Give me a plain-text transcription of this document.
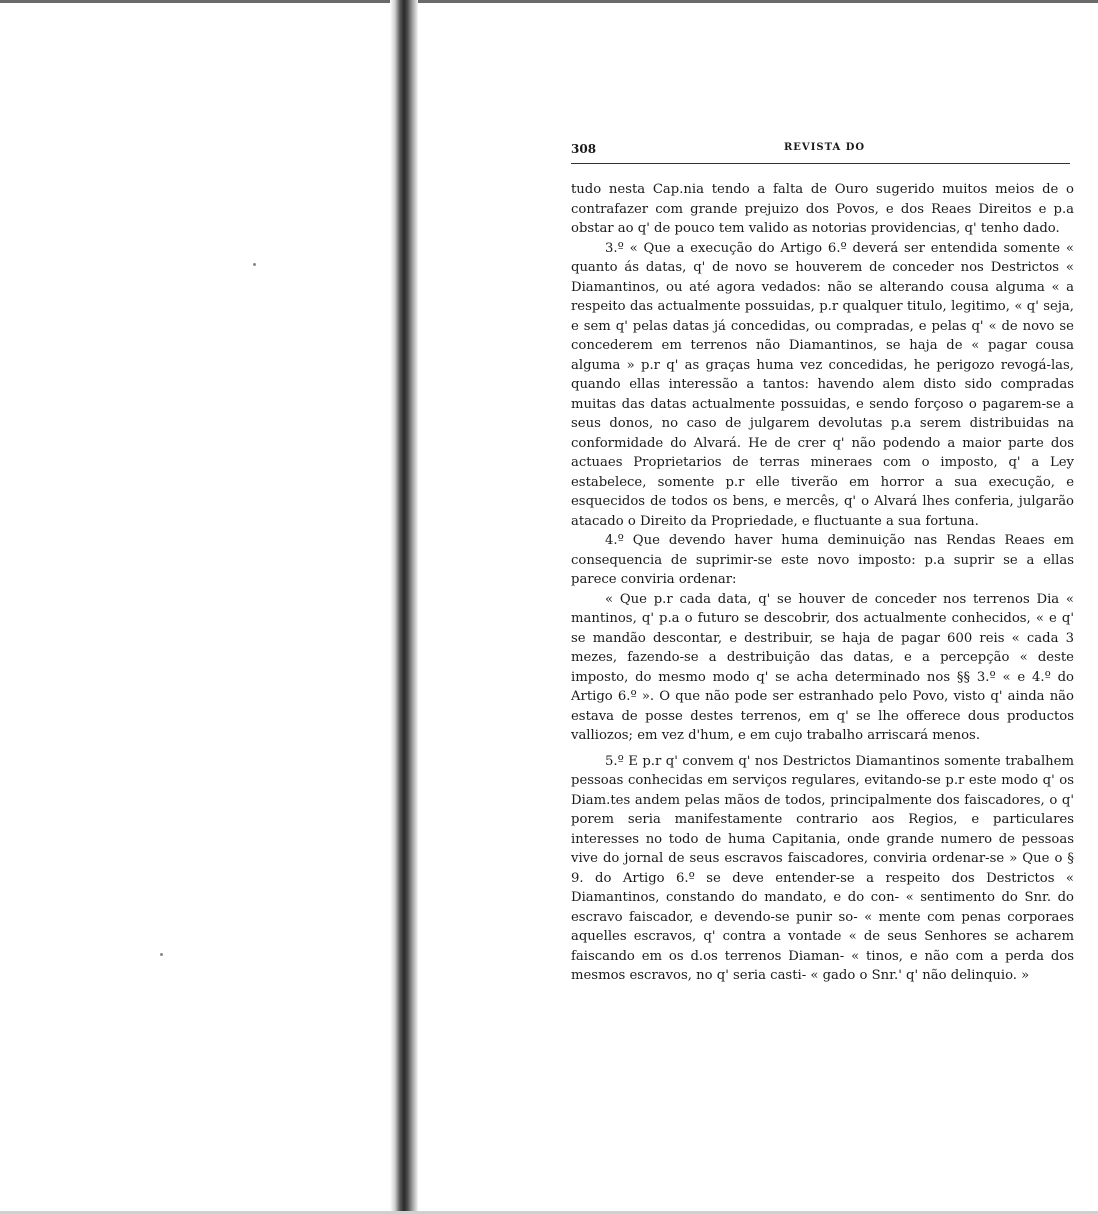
308	REVISTA DO

tudo nesta Cap.nia tendo a falta de Ouro sugerido muitos meios de o contrafazer com grande prejuizo dos Povos, e dos Reaes Direitos e p.a obstar ao q' de pouco tem valido as notorias providencias, q' tenho dado.

3.º « Que a execução do Artigo 6.º deverá ser entendida somente « quanto ás datas, q' de novo se houverem de conceder nos Destrictos « Diamantinos, ou até agora vedados: não se alterando cousa alguma « a respeito das actualmente possuidas, p.r qualquer titulo, legitimo, « q' seja, e sem q' pelas datas já concedidas, ou compradas, e pelas q' « de novo se concederem em terrenos não Diamantinos, se haja de « pagar cousa alguma » p.r q' as graças huma vez concedidas, he perigozo revogá-las, quando ellas interessão a tantos: havendo alem disto sido compradas muitas das datas actualmente possuidas, e sendo forçoso o pagarem-se a seus donos, no caso de julgarem devolutas p.a serem distribuidas na conformidade do Alvará. He de crer q' não podendo a maior parte dos actuaes Proprietarios de terras mineraes com o imposto, q' a Ley estabelece, somente p.r elle tiverão em horror a sua execução, e esquecidos de todos os bens, e mercês, q' o Alvará lhes conferia, julgarão atacado o Direito da Propriedade, e fluctuante a sua fortuna.

4.º Que devendo haver huma deminuição nas Rendas Reaes em consequencia de suprimir-se este novo imposto: p.a suprir se a ellas parece conviria ordenar:

« Que p.r cada data, q' se houver de conceder nos terrenos Dia « mantinos, q' p.a o futuro se descobrir, dos actualmente conhecidos, « e q' se mandão descontar, e destribuir, se haja de pagar 600 reis « cada 3 mezes, fazendo-se a destribuição das datas, e a percepção « deste imposto, do mesmo modo q' se acha determinado nos §§ 3.º « e 4.º do Artigo 6.º ». O que não pode ser estranhado pelo Povo, visto q' ainda não estava de posse destes terrenos, em q' se lhe offerece dous productos valliozos; em vez d'hum, e em cujo trabalho arriscará menos.

5.º E p.r q' convem q' nos Destrictos Diamantinos somente trabalhem pessoas conhecidas em serviços regulares, evitando-se p.r este modo q' os Diam.tes andem pelas mãos de todos, principalmente dos faiscadores, o q' porem seria manifestamente contrario aos Regios, e particulares interesses no todo de huma Capitania, onde grande numero de pessoas vive do jornal de seus escravos faiscadores, conviria ordenar-se » Que o § 9. do Artigo 6.º se deve entender-se a respeito dos Destrictos « Diamantinos, constando do mandato, e do con- « sentimento do Snr. do escravo faiscador, e devendo-se punir so- « mente com penas corporaes aquelles escravos, q' contra a vontade « de seus Senhores se acharem faiscando em os d.os terrenos Diaman- « tinos, e não com a perda dos mesmos escravos, no q' seria casti- « gado o Snr.' q' não delinquio. »
